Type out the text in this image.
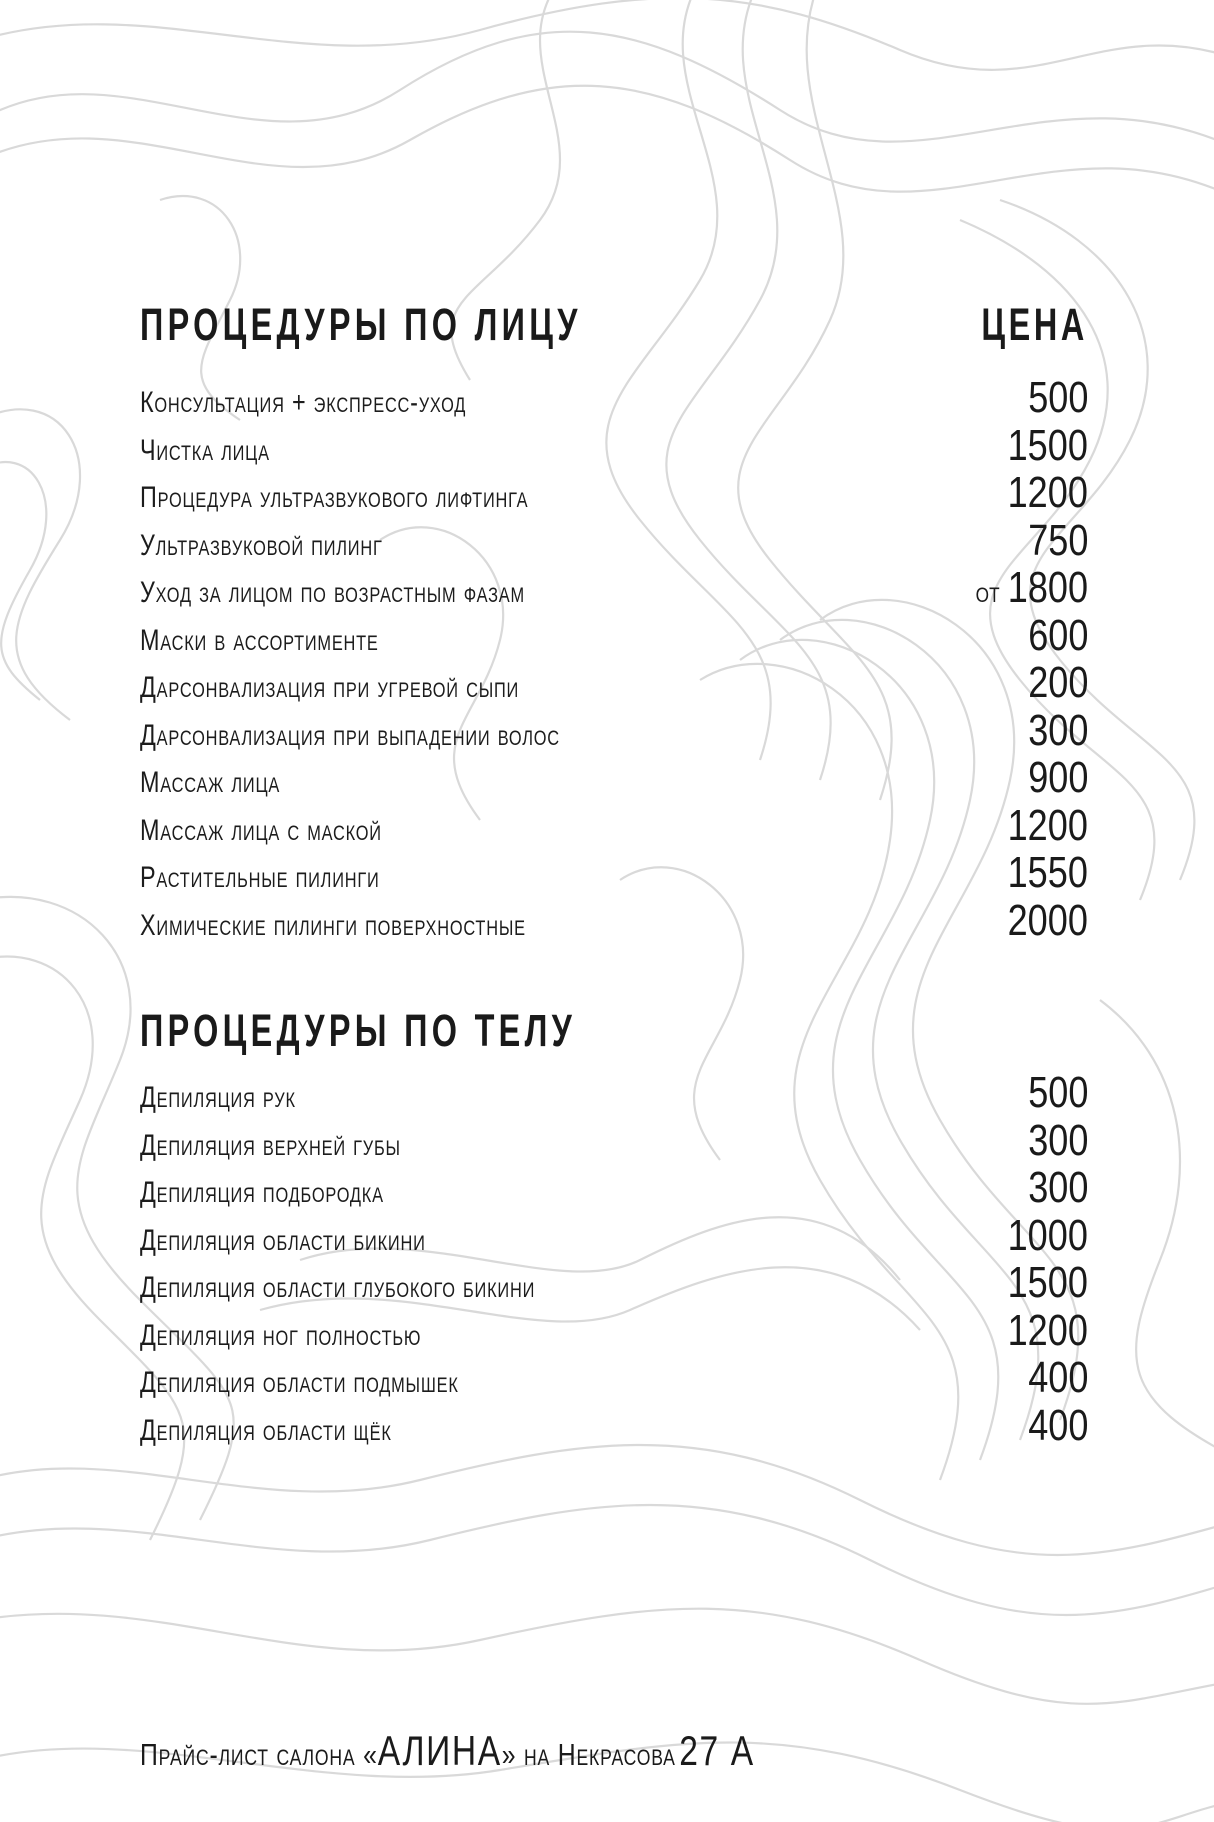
ПРОЦЕДУРЫ ПО ЛИЦУ	ЦЕНА
Консультация + экспресс-уход	500
Чистка лица	1500
Процедура ультразвукового лифтинга	1200
Ультразвуковой пилинг	750
Уход за лицом по возрастным фазам	от 1800
Маски в ассортименте	600
Дарсонвализация при угревой сыпи	200
Дарсонвализация при выпадении волос	300
Массаж лица	900
Массаж лица с маской	1200
Растительные пилинги	1550
Химические пилинги поверхностные	2000
ПРОЦЕДУРЫ ПО ТЕЛУ
Депиляция рук	500
Депиляция верхней губы	300
Депиляция подбородка	300
Депиляция области бикини	1000
Депиляция области глубокого бикини	1500
Депиляция ног полностью	1200
Депиляция области подмышек	400
Депиляция области щёк	400
Прайс-лист салона «АЛИНА» на Некрасова 27 А
